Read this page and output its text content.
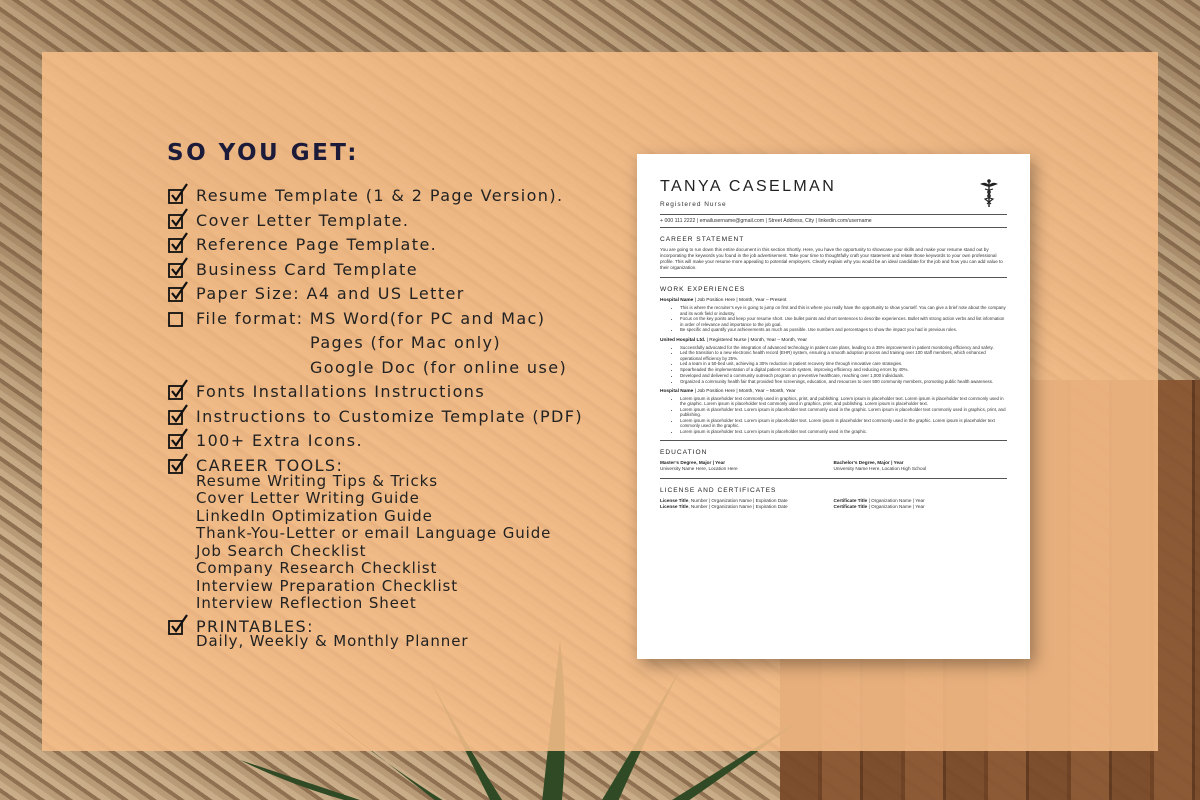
SO YOU GET:
Resume Template (1 & 2 Page Version).
Cover Letter Template.
Reference Page Template.
Business Card Template
Paper Size: A4 and US Letter
File format: MS Word(for PC and Mac)
Pages (for Mac only)
Google Doc (for online use)
Fonts Installations Instructions
Instructions to Customize Template (PDF)
100+ Extra Icons.
CAREER TOOLS:
Resume Writing Tips & Tricks
Cover Letter Writing Guide
LinkedIn Optimization Guide
Thank-You-Letter or email Language Guide
Job Search Checklist
Company Research Checklist
Interview Preparation Checklist
Interview Reflection Sheet
PRINTABLES:
Daily, Weekly & Monthly Planner
TANYA CASELMAN
Registered Nurse
+ 000 111 2222 | emailusername@gmail.com | Street Address, City | linkedin.com/username
CAREER STATEMENT
You are going to run down this entire document in this section Shortly. Here, you have the opportunity to showcase your skills and make your resume stand out by incorporating the keywords you found in the job advertisement. Take your time to thoughtfully craft your statement and relate those keywords to your own professional profile. This will make your resume more appealing to potential employers. Clearly explain why you would be an ideal candidate for the job and how you can add value to their organization.
WORK EXPERIENCES
Hospital Name | Job Position Here | Month, Year – Present
• This is where the recruiter’s eye is going to jump on first and this is where you really have the opportunity to show yourself. You can give a brief note about the company and its work field or industry.
• Focus on the key points and keep your resume short. Use bullet points and short sentences to describe experiences. Bullet with strong action verbs and list information in order of relevance and importance to the job goal.
• Be specific and quantify your achievements as much as possible. Use numbers and percentages to show the impact you had in previous roles.
United Hospital Ltd. | Registered Nurse | Month, Year – Month, Year
• Successfully advocated for the integration of advanced technology in patient care plans, leading to a 35% improvement in patient monitoring efficiency and safety.
• Led the transition to a new electronic health record (EHR) system, ensuring a smooth adoption process and training over 100 staff members, which enhanced operational efficiency by 25%.
• Led a team in a 50-bed unit, achieving a 30% reduction in patient recovery time through innovative care strategies.
• Spearheaded the implementation of a digital patient records system, improving efficiency and reducing errors by 40%.
• Developed and delivered a community outreach program on preventive healthcare, reaching over 1,000 individuals.
• Organized a community health fair that provided free screenings, education, and resources to over 500 community members, promoting public health awareness.
Hospital Name | Job Position Here | Month, Year – Month, Year
• Lorem ipsum is placeholder text commonly used in graphics, print, and publishing. Lorem ipsum is placeholder text. Lorem ipsum is placeholder text commonly used in the graphic. Lorem ipsum is placeholder text commonly used in graphics, print, and publishing. Lorem ipsum is placeholder text.
• Lorem ipsum is placeholder text. Lorem ipsum is placeholder text commonly used in the graphic. Lorem ipsum is placeholder text commonly used in graphics, print, and publishing.
• Lorem ipsum is placeholder text. Lorem ipsum is placeholder text. Lorem ipsum is placeholder text commonly used in the graphic. Lorem ipsum is placeholder text commonly used in the graphic.
• Lorem ipsum is placeholder text. Lorem ipsum is placeholder text commonly used in the graphic.
EDUCATION
Master’s Degree, Major | Year
University Name Here, Location Here
Bachelor’s Degree, Major | Year
University Name Here, Location High School
LICENSE AND CERTIFICATES
License Title, Number | Organization Name | Expiration Date
License Title, Number | Organization Name | Expiration Date
Certificate Title | Organization Name | Year
Certificate Title | Organization Name | Year
